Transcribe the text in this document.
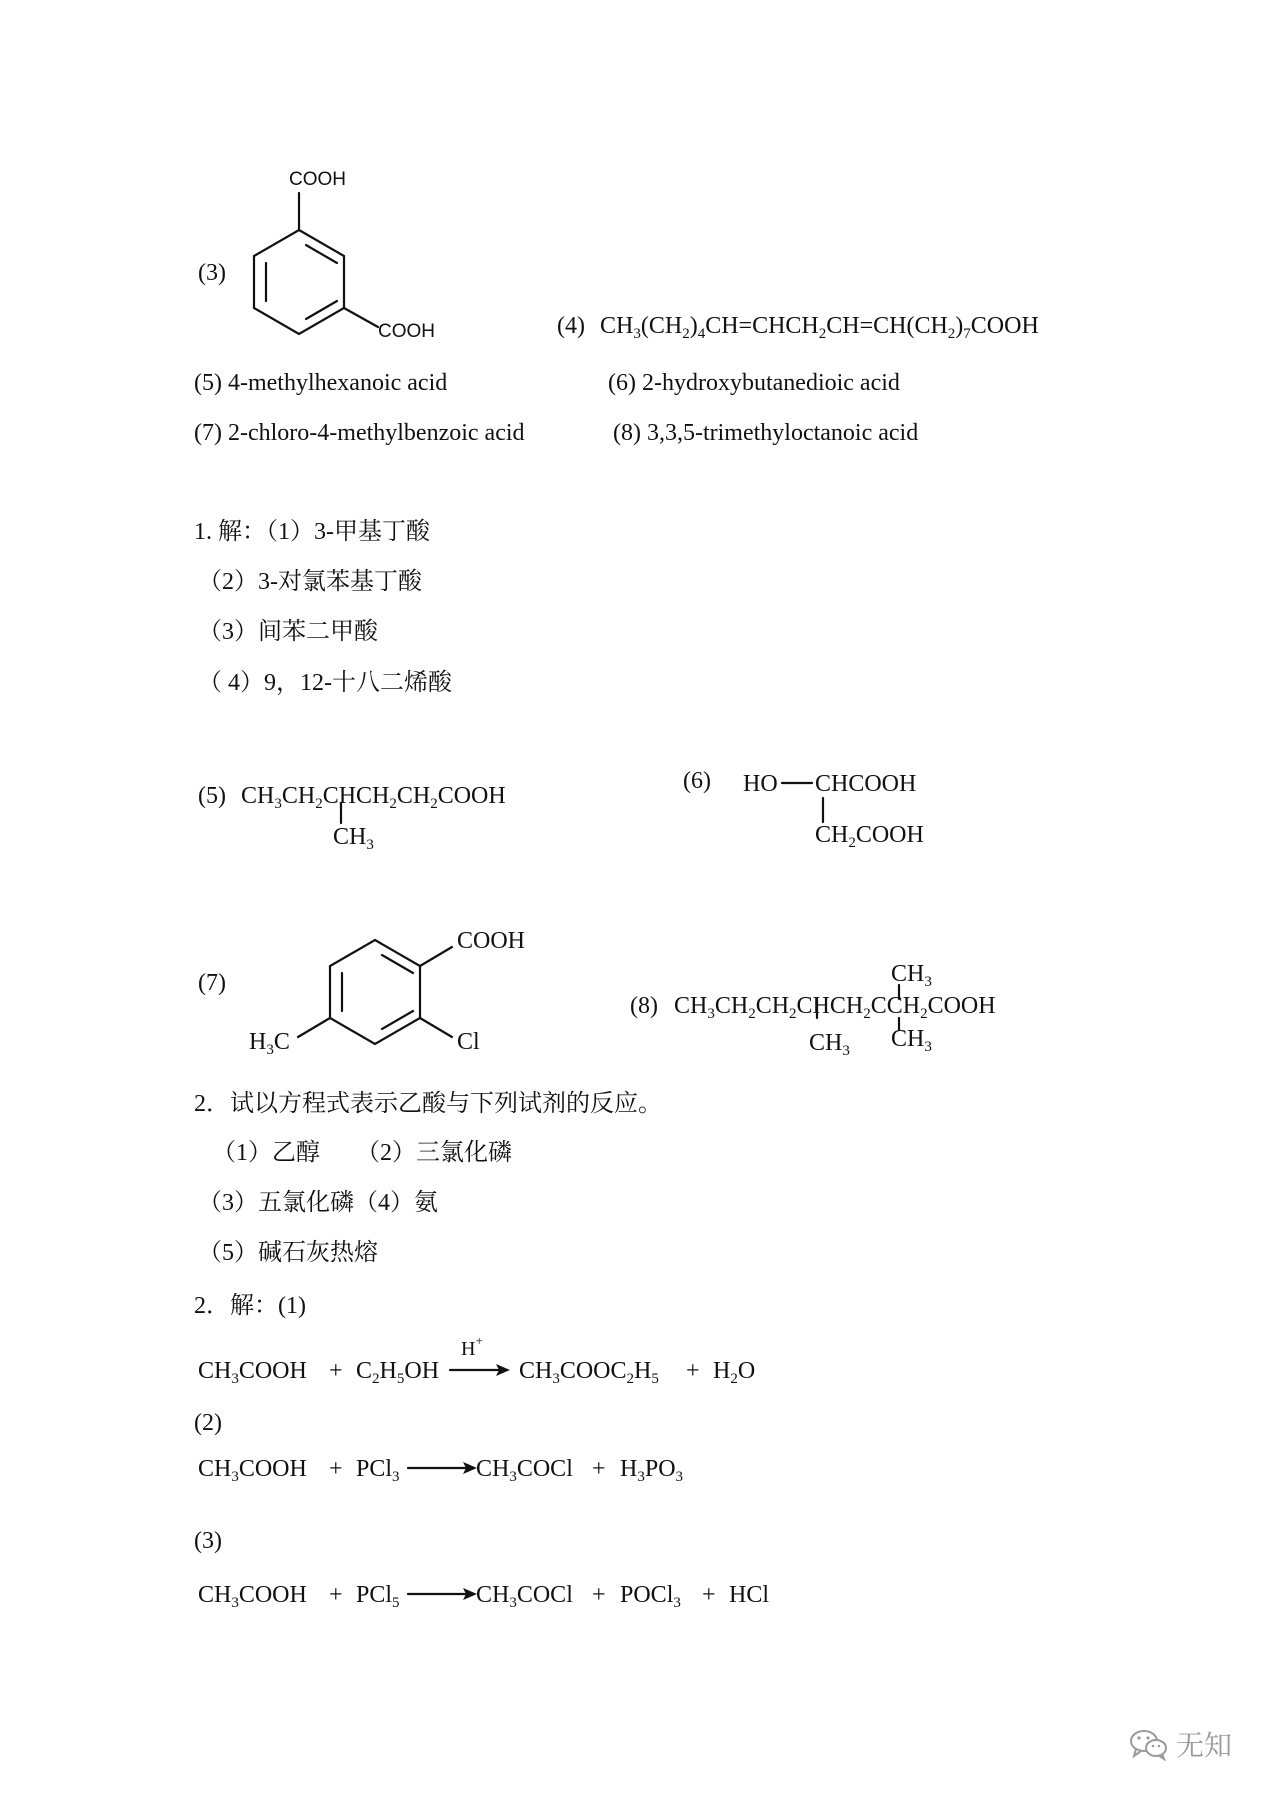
(3)
COOH
COOH	(4) $CH_3(CH_2)_4CH=CHCH_2CH=CH(CH_2)_7COOH$
(5) 4-methylhexanoic acid	(6) 2-hydroxybutanedioic acid
(7) 2-chloro-4-methylbenzoic acid	(8) 3,3,5-trimethyloctanoic acid
1. 解：（1）3-甲基丁酸
（2）3-对氯苯基丁酸
（3）间苯二甲酸
（ 4）9，12-十八二烯酸
(5) $CH_3CH_2CHCH_2CH_2COOH$
$CH_3$
(6) HO CHCOOH
$CH_2COOH$
(7)
COOH
Cl
$H_3C$
(8) $CH_3CH_2CH_2CHCH_2CCH_2COOH$
$CH_3$
$CH_3$ $CH_3$
2．试以方程式表示乙酸与下列试剂的反应。
（1）乙醇　　（2）三氯化磷
（3）五氯化磷（4）氨
（5）碱石灰热熔
2．解：(1)
$CH_3COOH + C_2H_5OH$
H+
$CH_3COOC_2H_5 + H_2O$
(2)
$CH_3COOH + PCl_3$	$CH_3COCl + H_3PO_3$
(3)
$CH_3COOH + PCl_5$	$CH_3COCl$ + POCl$_3$ + HCl
无知
